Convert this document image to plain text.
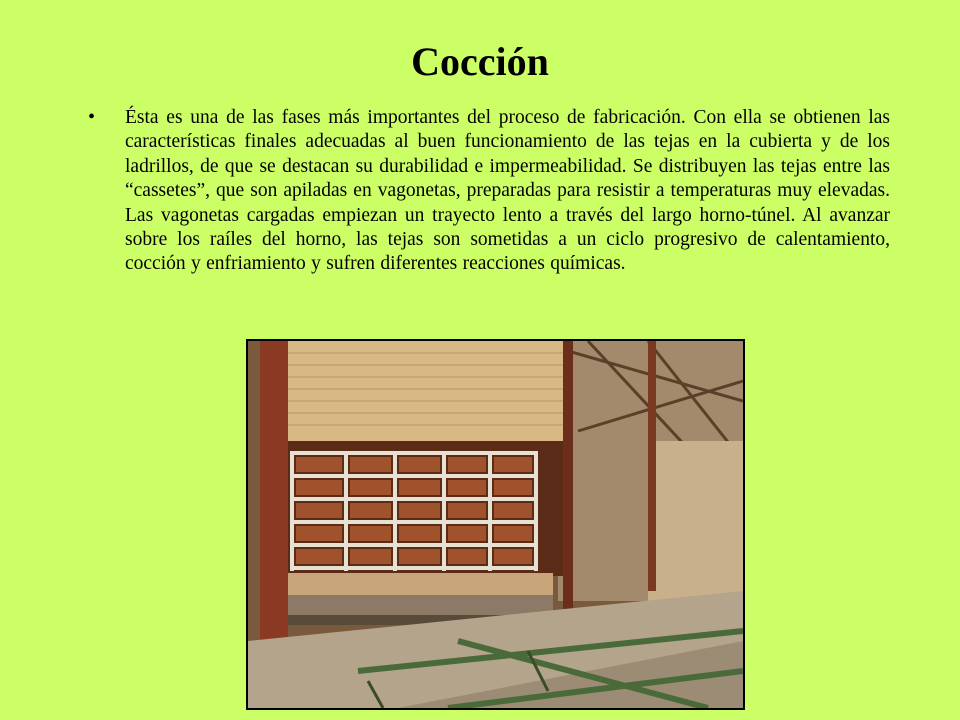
Cocción
• Ésta es una de las fases más importantes del proceso de fabricación. Con ella se obtienen las características finales adecuadas al buen funcionamiento de las tejas en la cubierta y de los ladrillos, de que se destacan su durabilidad e impermeabilidad. Se distribuyen las tejas entre las “cassetes”, que son apiladas en vagonetas, preparadas para resistir a temperaturas muy elevadas. Las vagonetas cargadas empiezan un trayecto lento a través del largo horno-túnel. Al avanzar sobre los raíles del horno, las tejas son sometidas a un ciclo progresivo de calentamiento, cocción y enfriamiento y sufren diferentes reacciones químicas.
